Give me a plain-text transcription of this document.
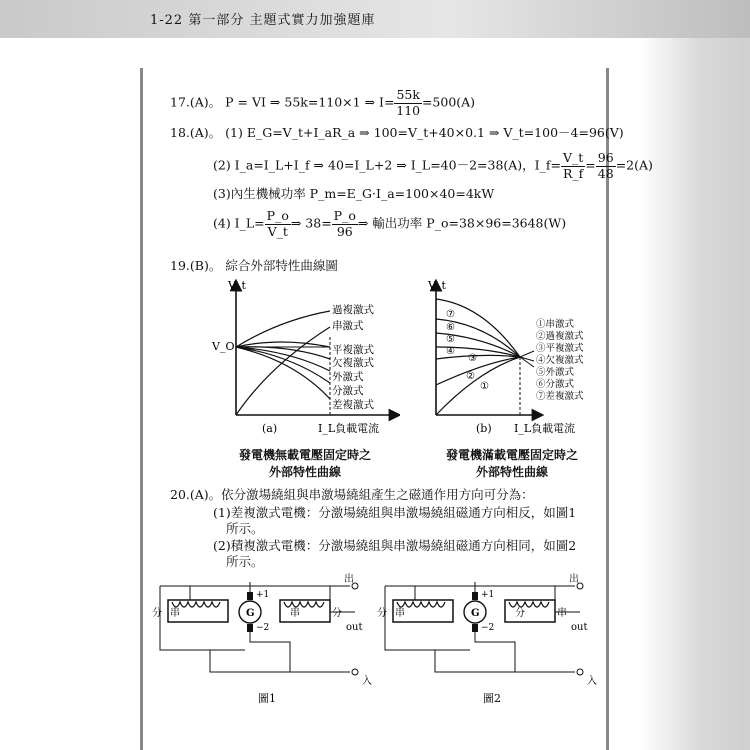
1-22 第一部分 主題式實力加強題庫
17.(A)。 P = VI ⇒ 55k=110×1 ⇒ $I= \frac{55k}{110} =500(A)$
18.(A)。 (1) E_G=V_t+I_aR_a ⇒ 100=V_t+40×0.1 ⇒ V_t=100－4=96(V)
(2) I_a=I_L+I_f ⇒ 40=I_L+2 ⇒ I_L=40－2=38(A)，I_f= $\frac{V\_t}{R\_f} = \frac{96}{48} =2(A)$
(3)內生機械功率 P_m=E_G·I_a=100×40=4kW
(4) I_L= $\frac{P\_o}{V\_t}$ ⇒ $38= \frac{P\_o}{96}$ ⇒ 輸出功率 P_o=38×96=3648(W)
19.(B)。 綜合外部特性曲線圖
V_t
V_O
過複激式
串激式
平複激式
欠複激式
外激式
分激式
差複激式
(a)	I_L負載電流
發電機無載電壓固定時之
外部特性曲線
V_t
⑦
⑥
⑤
④
③
②
①
①串激式
②過複激式
③平複激式
④欠複激式
⑤外激式
⑥分激式
⑦差複激式
(b) I_L負載電流
發電機滿載電壓固定時之
外部特性曲線
20.(A)。依分激場繞組與串激場繞組產生之磁通作用方向可分為：
(1)差複激式電機：分激場繞組與串激場繞組磁通方向相反，如圖1
所示。
(2)積複激式電機：分激場繞組與串激場繞組磁通方向相同，如圖2
所示。
串
分	串	分
G
+1
−2	out
出
入
圖1
串
分	分	串
G
+1
−2	out
出
入
圖2
